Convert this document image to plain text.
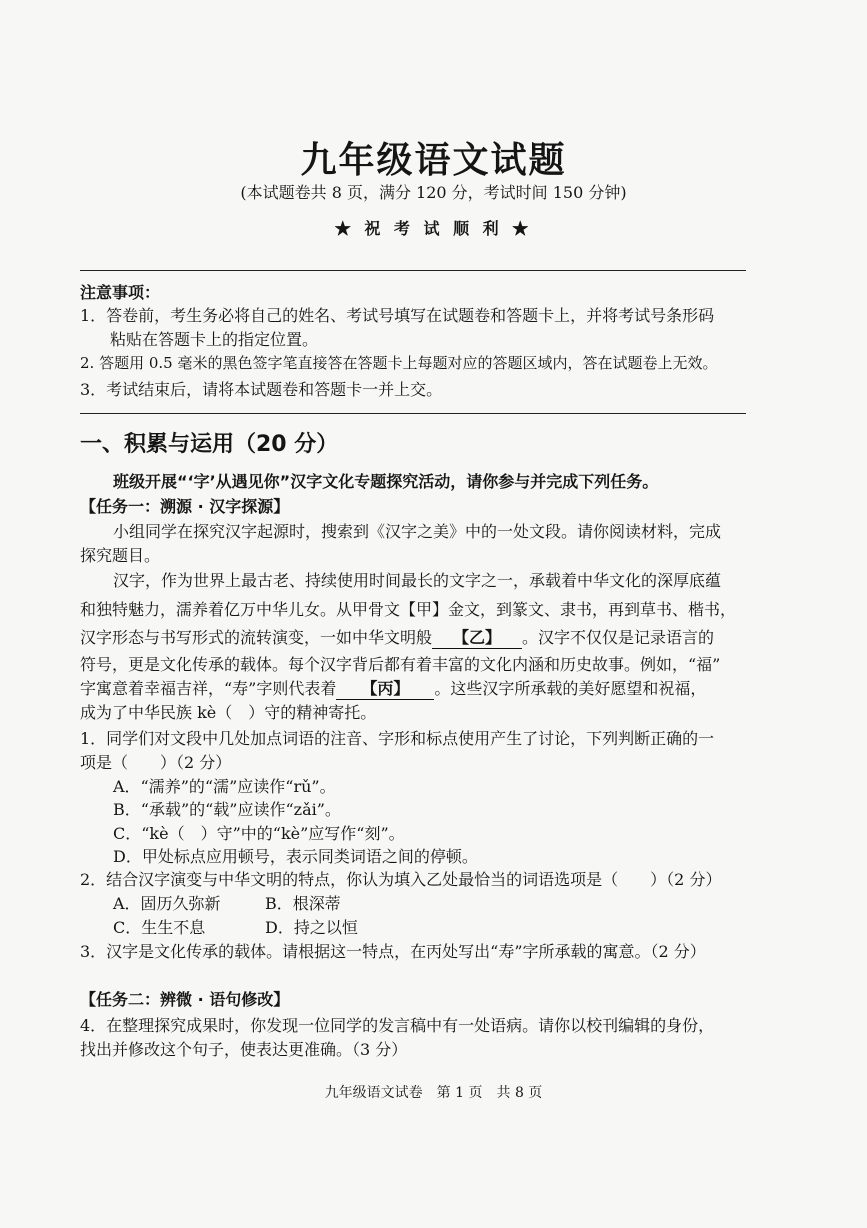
九年级语文试题
(本试题卷共 8 页，满分 120 分，考试时间 150 分钟)
★ 祝 考 试 顺 利 ★
注意事项：
1．答卷前，考生务必将自己的姓名、考试号填写在试题卷和答题卡上，并将考试号条形码
粘贴在答题卡上的指定位置。
2. 答题用 0.5 毫米的黑色签字笔直接答在答题卡上每题对应的答题区域内，答在试题卷上无效。
3．考试结束后，请将本试题卷和答题卡一并上交。
一、积累与运用（20 分）
班级开展“‘字’从遇见你”汉字文化专题探究活动，请你参与并完成下列任务。
【任务一：溯源 · 汉字探源】
小组同学在探究汉字起源时，搜索到《汉字之美》中的一处文段。请你阅读材料，完成
探究题目。
汉字，作为世界上最古老、持续使用时间最长的文字之一，承载着中华文化的深厚底蕴
和独特魅力，濡养着亿万中华儿女。从甲骨文【甲】金文，到篆文、隶书，再到草书、楷书，
汉字形态与书写形式的流转演变，一如中华文明般 【乙】 。汉字不仅仅是记录语言的
符号，更是文化传承的载体。每个汉字背后都有着丰富的文化内涵和历史故事。例如，“福”
字寓意着幸福吉祥，“寿”字则代表着 【丙】 。这些汉字所承载的美好愿望和祝福，
成为了中华民族 kè（　）守的精神寄托。
1．同学们对文段中几处加点词语的注音、字形和标点使用产生了讨论，下列判断正确的一
项是（　　）（2 分）
A．“濡养”的“濡”应读作“rǔ”。
B．“承载”的“载”应读作“zǎi”。
C．“kè（　）守”中的“kè”应写作“刻”。
D．甲处标点应用顿号，表示同类词语之间的停顿。
2．结合汉字演变与中华文明的特点，你认为填入乙处最恰当的词语选项是（　　）（2 分）
A．固历久弥新	B．根深蒂
C．生生不息	D．持之以恒
3．汉字是文化传承的载体。请根据这一特点，在丙处写出“寿”字所承载的寓意。（2 分）
【任务二：辨微 · 语句修改】
4．在整理探究成果时，你发现一位同学的发言稿中有一处语病。请你以校刊编辑的身份，
找出并修改这个句子，使表达更准确。（3 分）
九年级语文试卷　第 1 页　共 8 页
